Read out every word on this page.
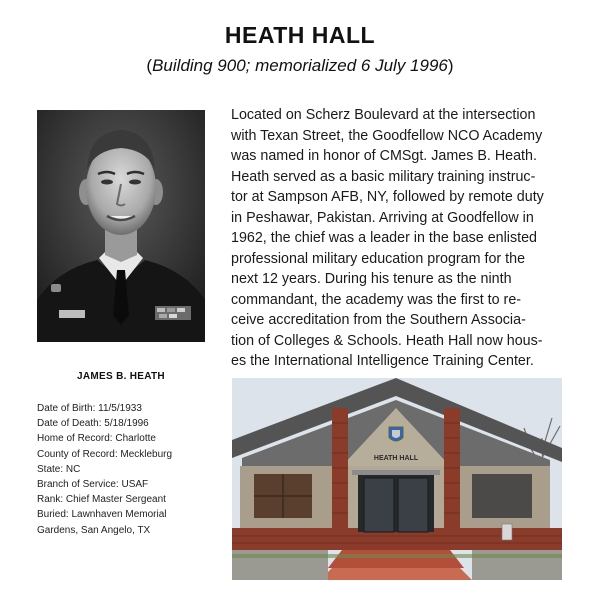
HEATH HALL
(Building 900; memorialized 6 July 1996)
JAMES B. HEATH
Date of Birth: 11/5/1933
Date of Death: 5/18/1996
Home of Record: Charlotte
County of Record: Meckleburg
State: NC
Branch of Service: USAF
Rank: Chief Master Sergeant
Buried: Lawnhaven Memorial
Gardens, San Angelo, TX
Located on Scherz Boulevard at the intersection
with Texan Street, the Goodfellow NCO Academy
was named in honor of CMSgt. James B. Heath.
Heath served as a basic military training instruc-
tor at Sampson AFB, NY, followed by remote duty
in Peshawar, Pakistan. Arriving at Goodfellow in
1962, the chief was a leader in the base enlisted
professional military education program for the
next 12 years. During his tenure as the ninth
commandant, the academy was the first to re-
ceive accreditation from the Southern Associa-
tion of Colleges & Schools. Heath Hall now hous-
es the International Intelligence Training Center.
HEATH HALL
